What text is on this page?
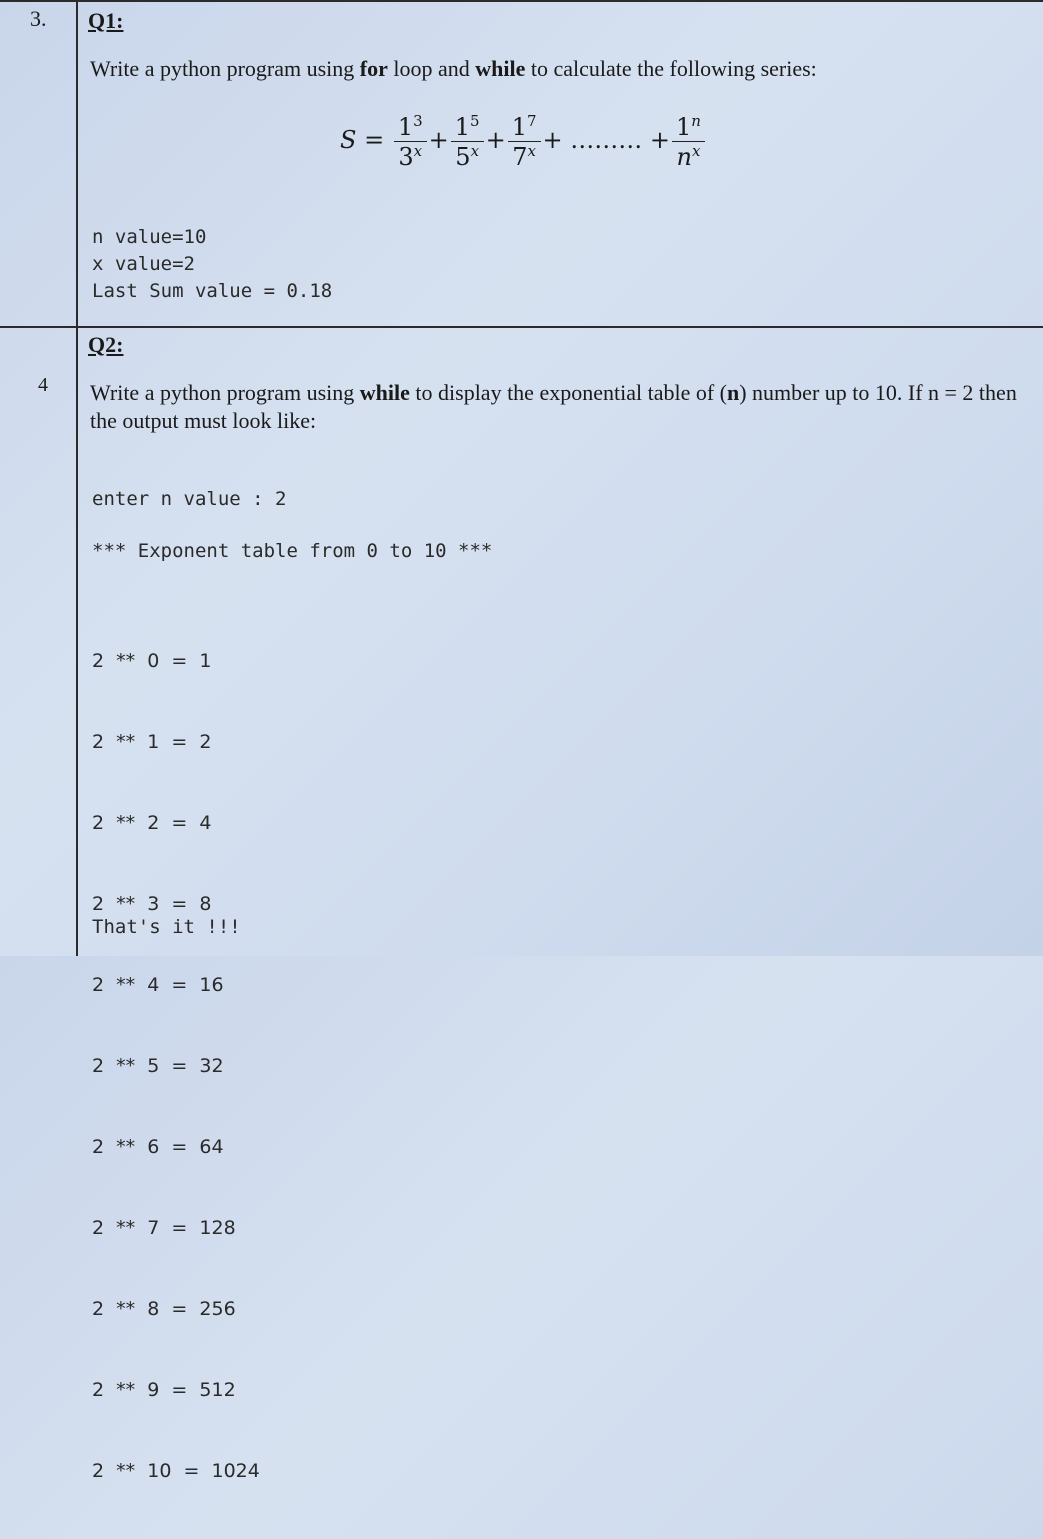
3. Q1:
Write a python program using for loop and while to calculate the following series:
$S = \frac{1^3}{3^x} + \frac{1^5}{5^x} + \frac{1^7}{7^x}$ + ……… + $\frac{1^n}{n^x}$
n value=10
x value=2
Last Sum value = 0.18
Q2:
4 Write a python program using while to display the exponential table of (n) number up to 10. If n = 2 then
the output must look like:
enter n value : 2
*** Exponent table from 0 to 10 ***

2  **  0  =  1

2  **  1  =  2

2  **  2  =  4

2  **  3  =  8

2  **  4  =  16

2  **  5  =  32

2  **  6  =  64

2  **  7  =  128

2  **  8  =  256

2  **  9  =  512

2  **  10  =  1024

That's it !!!
